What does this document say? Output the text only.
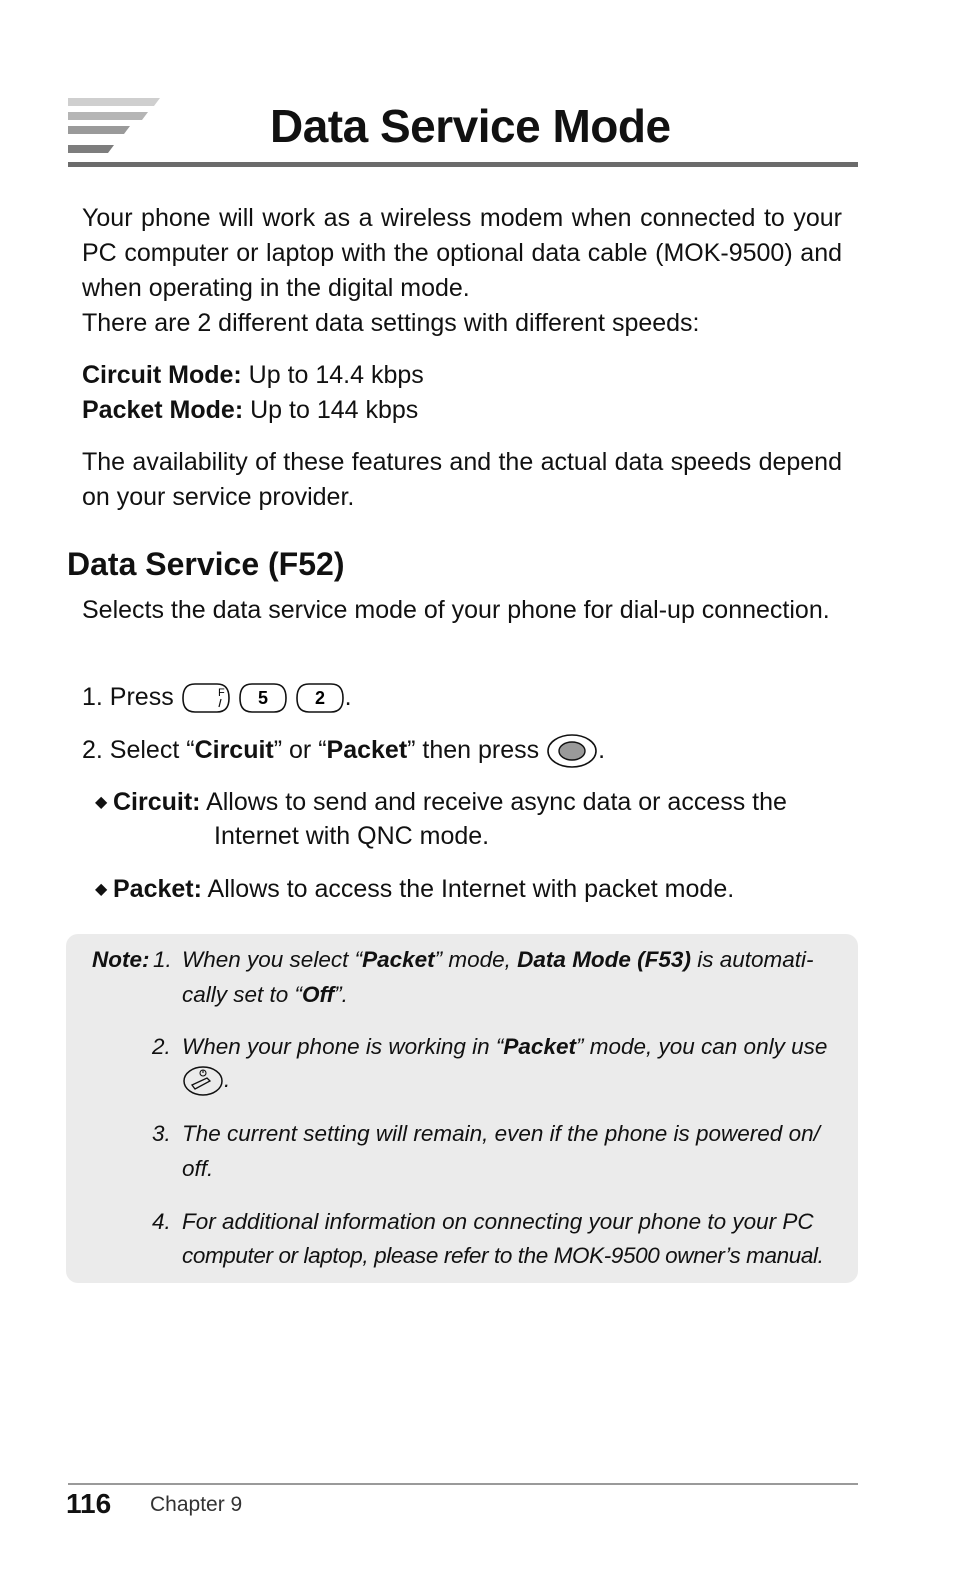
Data Service Mode

Your phone will work as a wireless modem when connected to your PC computer or laptop with the optional data cable (MOK-9500) and when operating in the digital mode.

There are 2 different data settings with different speeds:
Circuit Mode: Up to 14.4 kbps
Packet Mode: Up to 144 kbps

The availability of these features and the actual data speeds depend on your service provider.

Data Service (F52)

Selects the data service mode of your phone for dial-up connection.

1. Press	F
5
	2 .
2. Select “Circuit” or “Packet” then press .
◆ Circuit: Allows to send and receive async data or access the
Internet with QNC mode.
◆ Packet: Allows to access the Internet with packet mode.
Note: 1. When you select “Packet” mode, Data Mode (F53) is automati-
cally set to “Off”.
2. When your phone is working in “Packet” mode, you can only use
.
3. The current setting will remain, even if the phone is powered on/
off.
4. For additional information on connecting your phone to your PC
computer or laptop, please refer to the MOK-9500 owner’s manual.
116 Chapter 9
